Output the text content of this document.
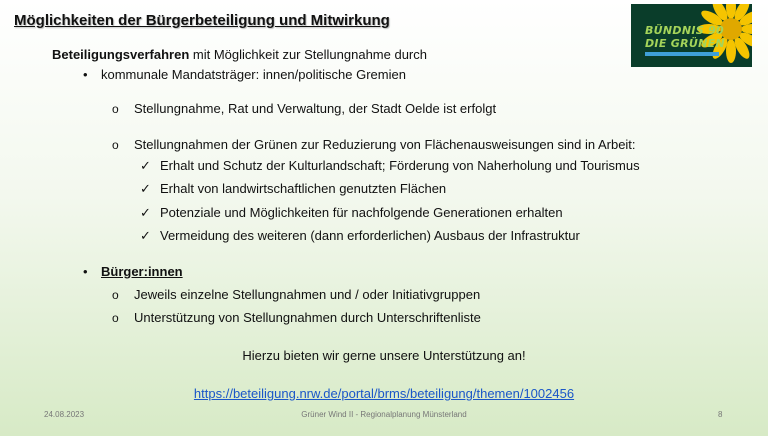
Möglichkeiten der Bürgerbeteiligung und Mitwirkung
BÜNDNIS 90
DIE GRÜNEN
Beteiligungsverfahren mit Möglichkeit zur Stellungnahme durch
• kommunale Mandatsträger: innen/politische Gremien
o Stellungnahme, Rat und Verwaltung, der Stadt Oelde ist erfolgt
o Stellungnahmen der Grünen zur Reduzierung von Flächenausweisungen sind in Arbeit:
✓ Erhalt und Schutz der Kulturlandschaft; Förderung von Naherholung und Tourismus
✓ Erhalt von landwirtschaftlichen genutzten Flächen
✓ Potenziale und Möglichkeiten für nachfolgende Generationen erhalten
✓ Vermeidung des weiteren (dann erforderlichen) Ausbaus der Infrastruktur
• Bürger:innen
o Jeweils einzelne Stellungnahmen und / oder Initiativgruppen
o Unterstützung von Stellungnahmen durch Unterschriftenliste
Hierzu bieten wir gerne unsere Unterstützung an!
https://beteiligung.nrw.de/portal/brms/beteiligung/themen/1002456
24.08.2023	Grüner Wind II - Regionalplanung Münsterland	8
